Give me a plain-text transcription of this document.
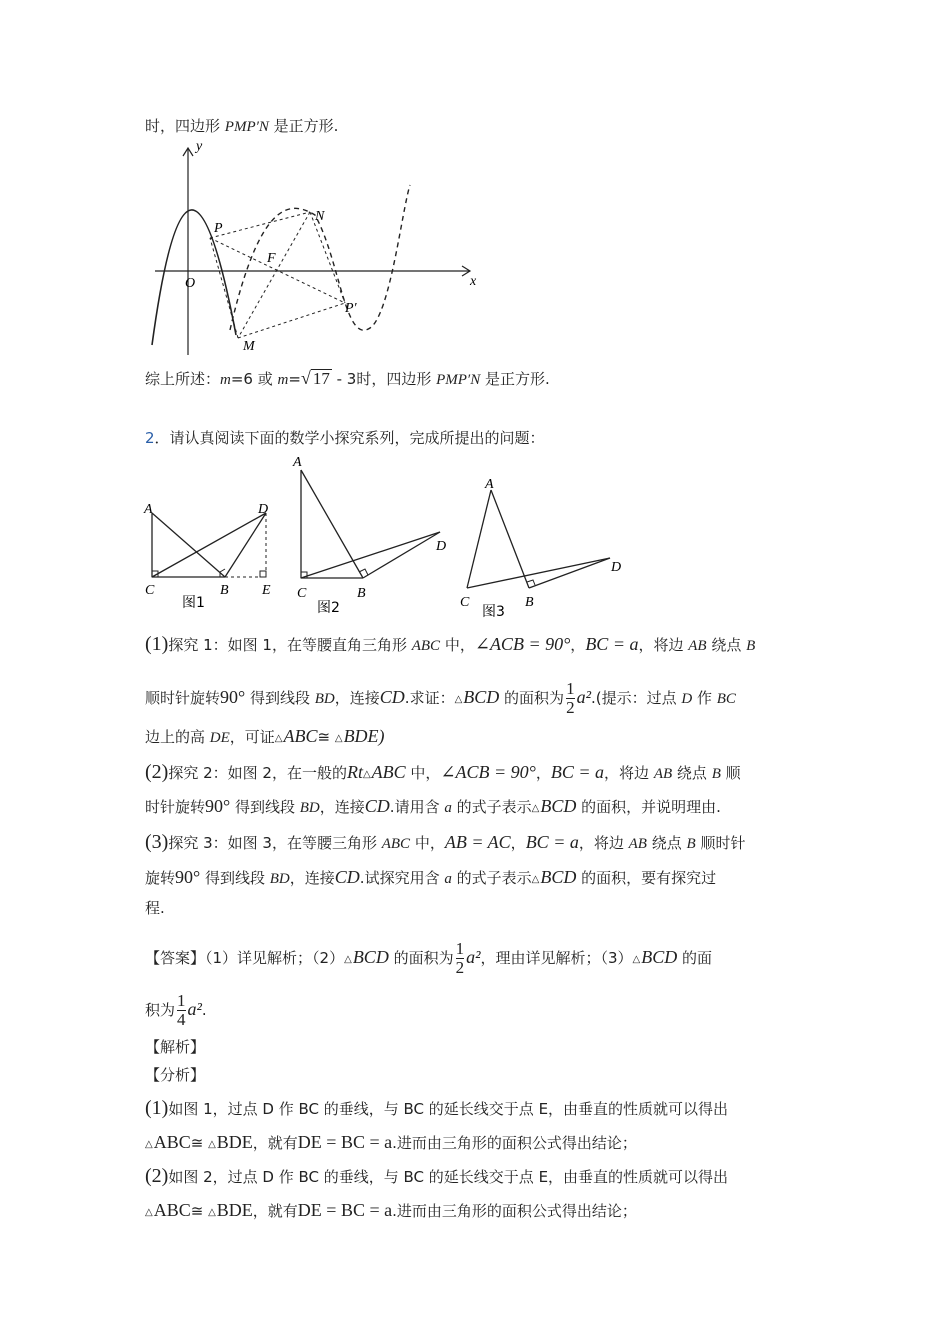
时，四边形 PMP′N 是正方形.
y
x
O
P
N
F
P′
M
综上所述：m=6 或 m=√ 17 - 3时，四边形 PMP′N 是正方形.
2．请认真阅读下面的数学小探究系列，完成所提出的问题：
A	D
C	B E
图1
A
D
C	B
图2
A
D
C	B
图3
(1)探究 1：如图 1，在等腰直角三角形 ABC 中，∠ACB = 90°，BC = a，将边 AB 绕点 B
顺时针旋转90° 得到线段 BD，连接CD.求证：△BCD 的面积为 $\frac{1}{2} a^2$.(提示：过点 D 作 BC
边上的高 DE，可证△ABC≅ △BDE)
(2)探究 2：如图 2，在一般的Rt△ABC 中，∠ACB = 90°，BC = a，将边 AB 绕点 B 顺
时针旋转90° 得到线段 BD，连接CD.请用含 a 的式子表示△BCD 的面积，并说明理由.
(3)探究 3：如图 3，在等腰三角形 ABC 中，AB = AC，BC = a，将边 AB 绕点 B 顺时针
旋转90° 得到线段 BD，连接CD.试探究用含 a 的式子表示△BCD 的面积，要有探究过
程.
【答案】（1）详见解析；（2）△BCD 的面积为 $\frac{1}{2} a^2$，理由详见解析；（3）△BCD 的面
积为 $\frac{1}{4} a^2$.
【解析】
【分析】
(1)如图 1，过点 D 作 BC 的垂线，与 BC 的延长线交于点 E，由垂直的性质就可以得出
△ABC≅ △BDE，就有DE = BC = a.进而由三角形的面积公式得出结论；
(2)如图 2，过点 D 作 BC 的垂线，与 BC 的延长线交于点 E，由垂直的性质就可以得出
△ABC≅ △BDE，就有DE = BC = a.进而由三角形的面积公式得出结论；
